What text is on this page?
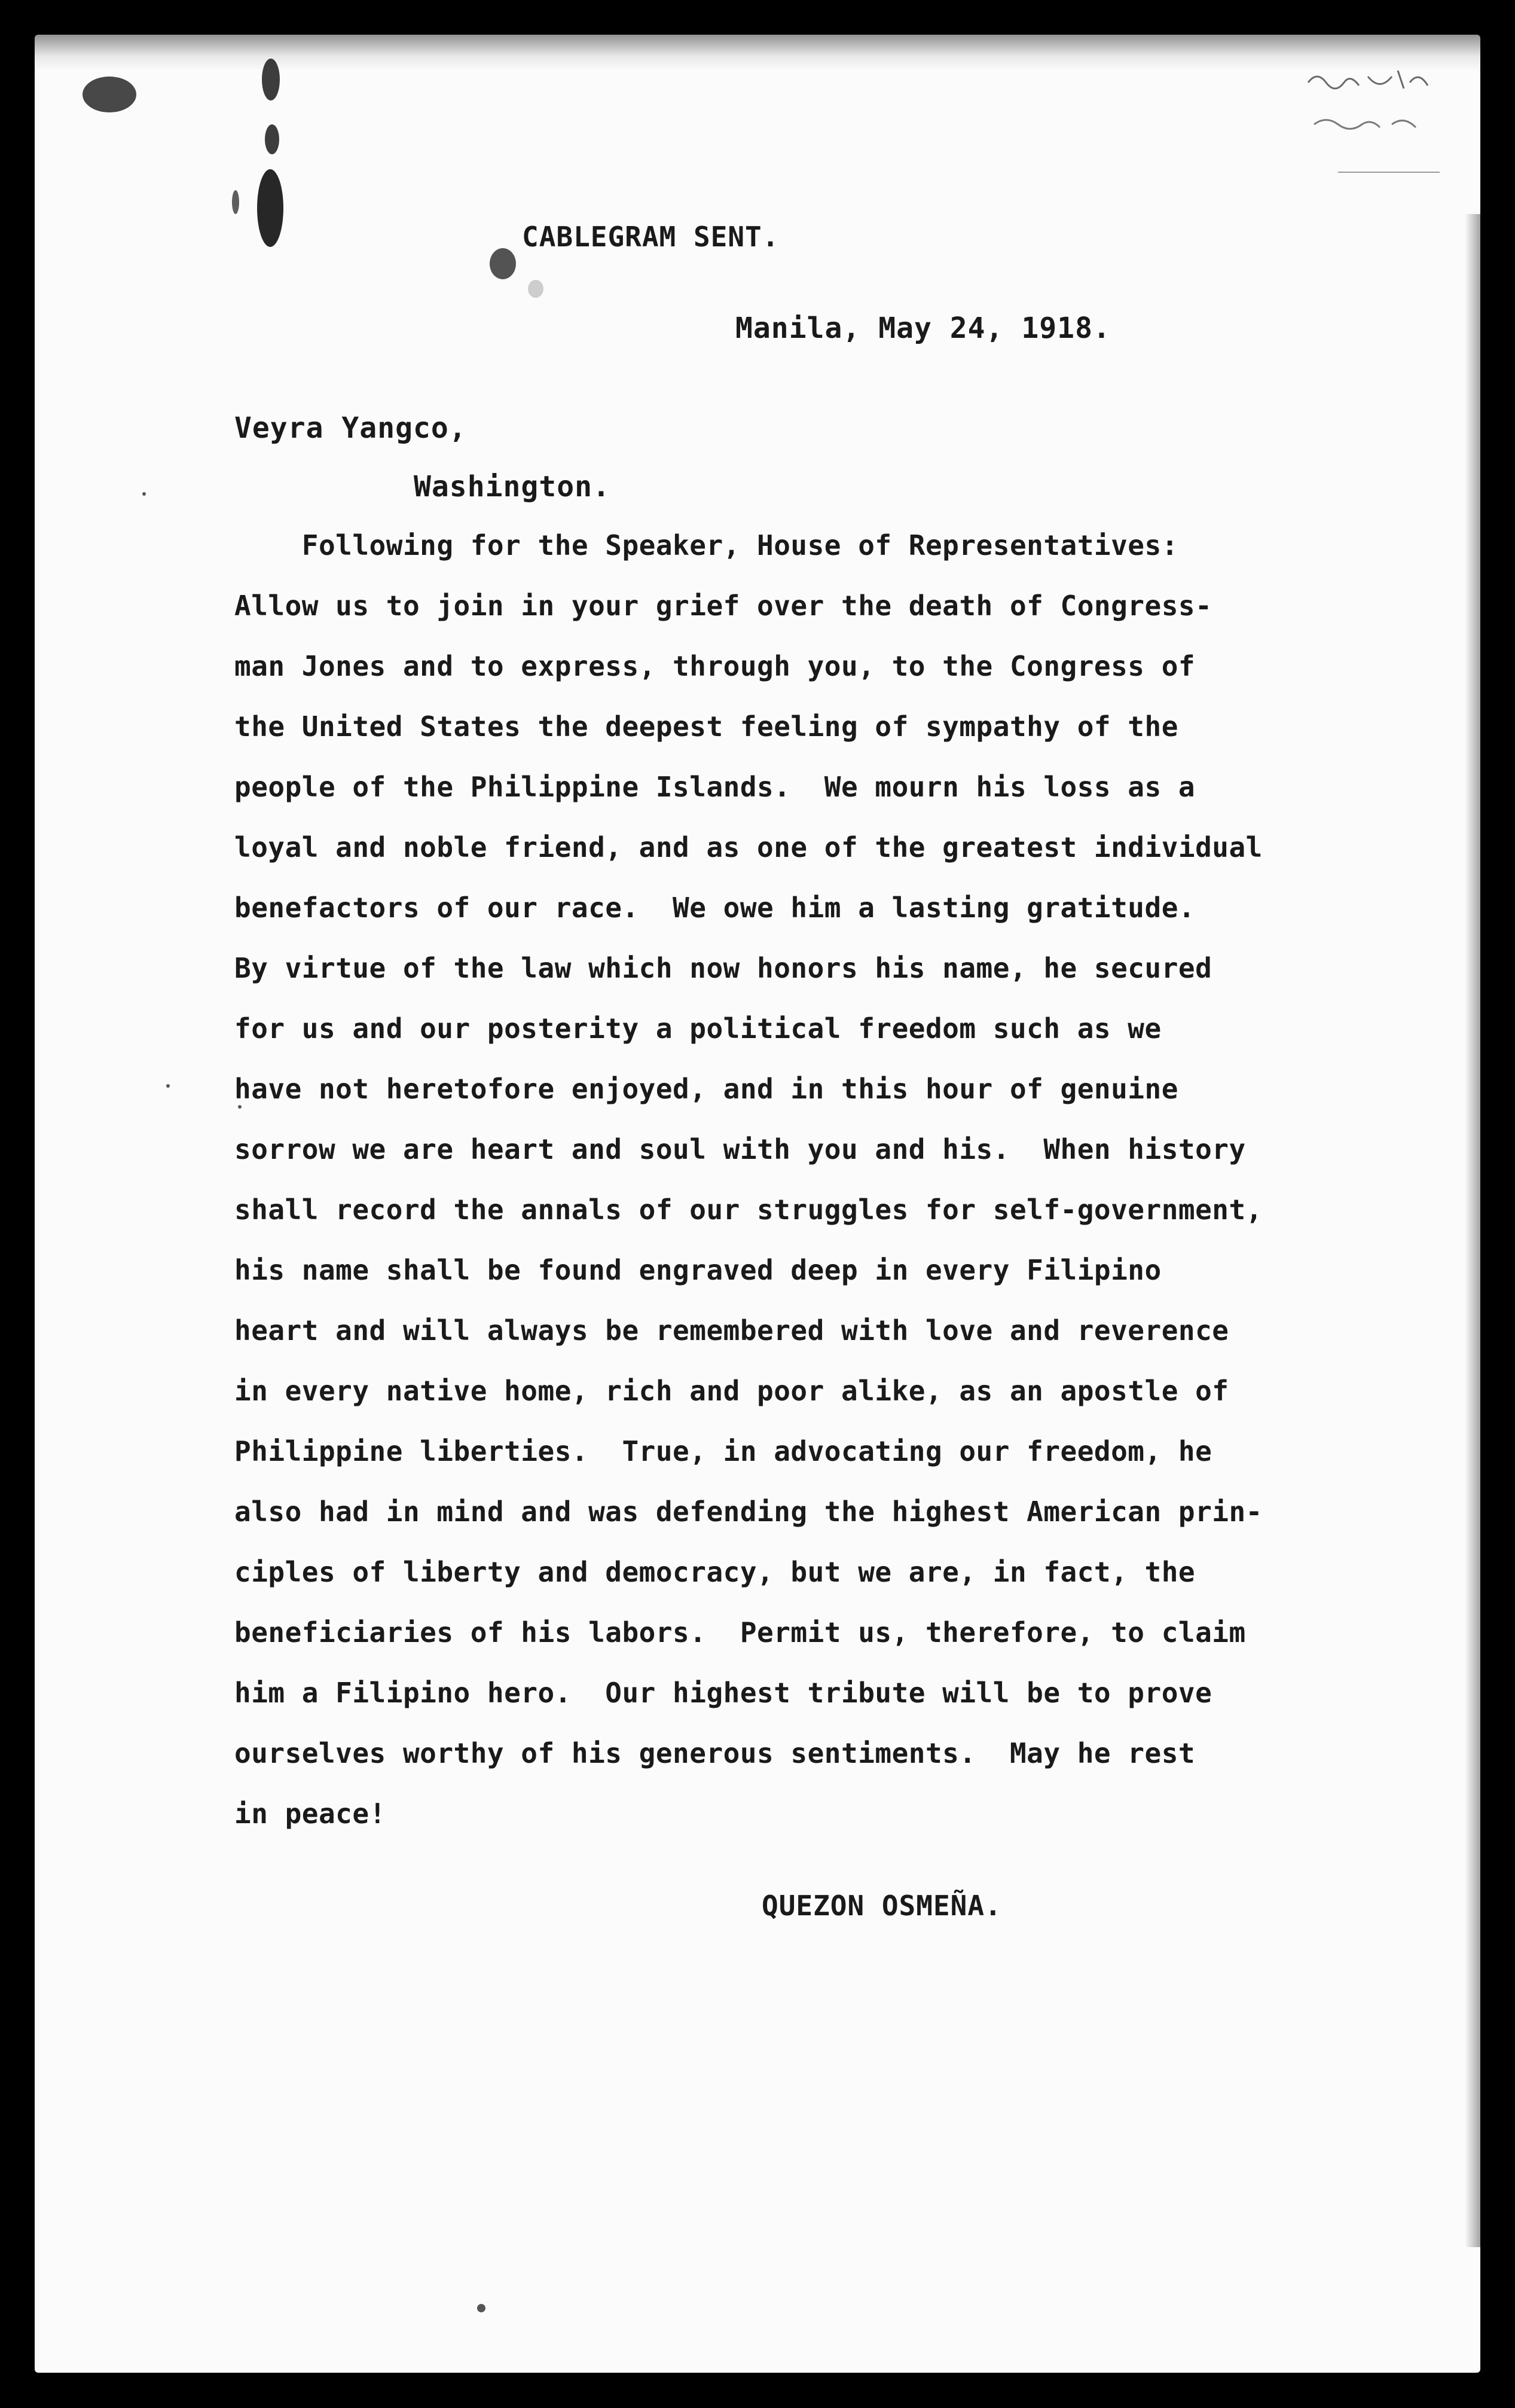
CABLEGRAM SENT.
Manila, May 24, 1918.
Veyra Yangco,
Washington.
Following for the Speaker, House of Representatives:
Allow us to join in your grief over the death of Congress-
man Jones and to express, through you, to the Congress of
the United States the deepest feeling of sympathy of the
people of the Philippine Islands.  We mourn his loss as a
loyal and noble friend, and as one of the greatest individual
benefactors of our race.  We owe him a lasting gratitude.
By virtue of the law which now honors his name, he secured
for us and our posterity a political freedom such as we
have not heretofore enjoyed, and in this hour of genuine
sorrow we are heart and soul with you and his.  When history
shall record the annals of our struggles for self-government,
his name shall be found engraved deep in every Filipino
heart and will always be remembered with love and reverence
in every native home, rich and poor alike, as an apostle of
Philippine liberties.  True, in advocating our freedom, he
also had in mind and was defending the highest American prin-
ciples of liberty and democracy, but we are, in fact, the
beneficiaries of his labors.  Permit us, therefore, to claim
him a Filipino hero.  Our highest tribute will be to prove
ourselves worthy of his generous sentiments.  May he rest
in peace!
QUEZON OSMEÑA.
